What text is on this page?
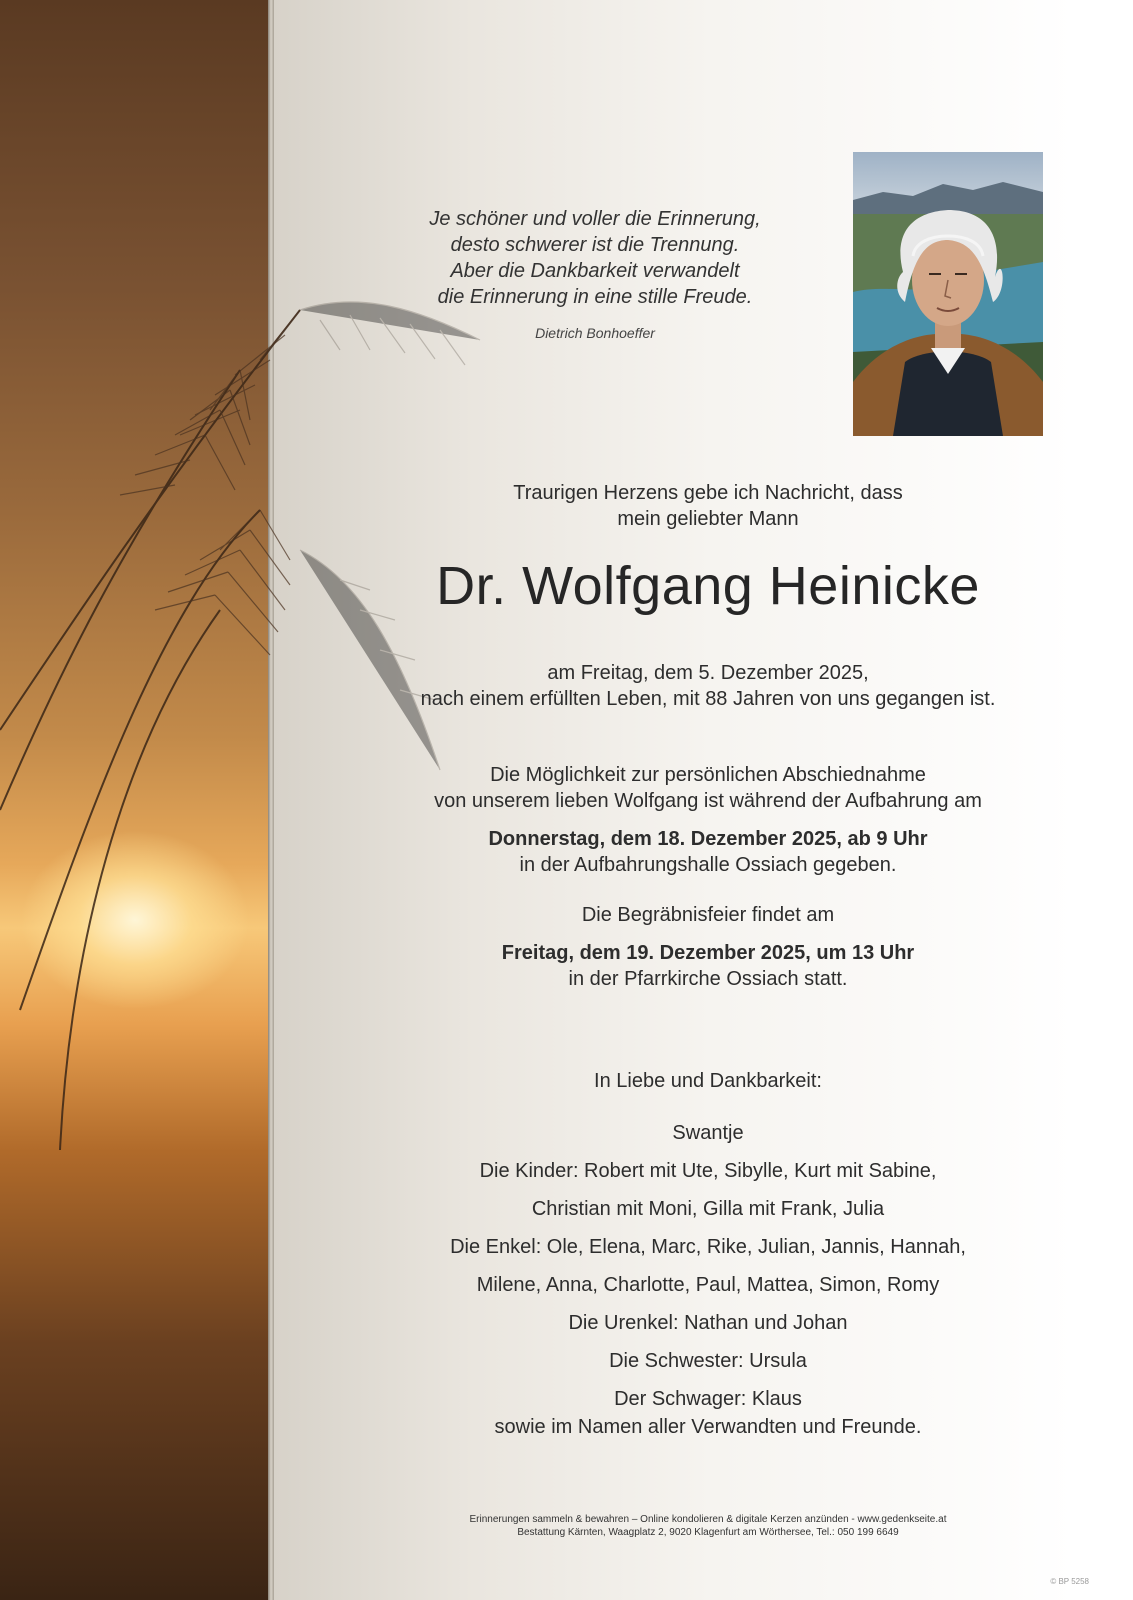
Je schöner und voller die Erinnerung,

desto schwerer ist die Trennung.

Aber die Dankbarkeit verwandelt

die Erinnerung in eine stille Freude.

Dietrich Bonhoeffer

Traurigen Herzens gebe ich Nachricht, dass

mein geliebter Mann

Dr. Wolfgang Heinicke

am Freitag, dem 5. Dezember 2025,

nach einem erfüllten Leben, mit 88 Jahren von uns gegangen ist.

Die Möglichkeit zur persönlichen Abschiednahme

von unserem lieben Wolfgang ist während der Aufbahrung am

Donnerstag, dem 18. Dezember 2025, ab 9 Uhr

in der Aufbahrungshalle Ossiach gegeben.

Die Begräbnisfeier findet am

Freitag, dem 19. Dezember 2025, um 13 Uhr

in der Pfarrkirche Ossiach statt.

In Liebe und Dankbarkeit:

Swantje

Die Kinder: Robert mit Ute, Sibylle, Kurt mit Sabine,

Christian mit Moni, Gilla mit Frank, Julia

Die Enkel: Ole, Elena, Marc, Rike, Julian, Jannis, Hannah,

Milene, Anna, Charlotte, Paul, Mattea, Simon, Romy

Die Urenkel: Nathan und Johan

Die Schwester: Ursula

Der Schwager: Klaus

sowie im Namen aller Verwandten und Freunde.

Erinnerungen sammeln & bewahren – Online kondolieren & digitale Kerzen anzünden - www.gedenkseite.at

Bestattung Kärnten, Waagplatz 2, 9020 Klagenfurt am Wörthersee, Tel.: 050 199 6649

© BP 5258
